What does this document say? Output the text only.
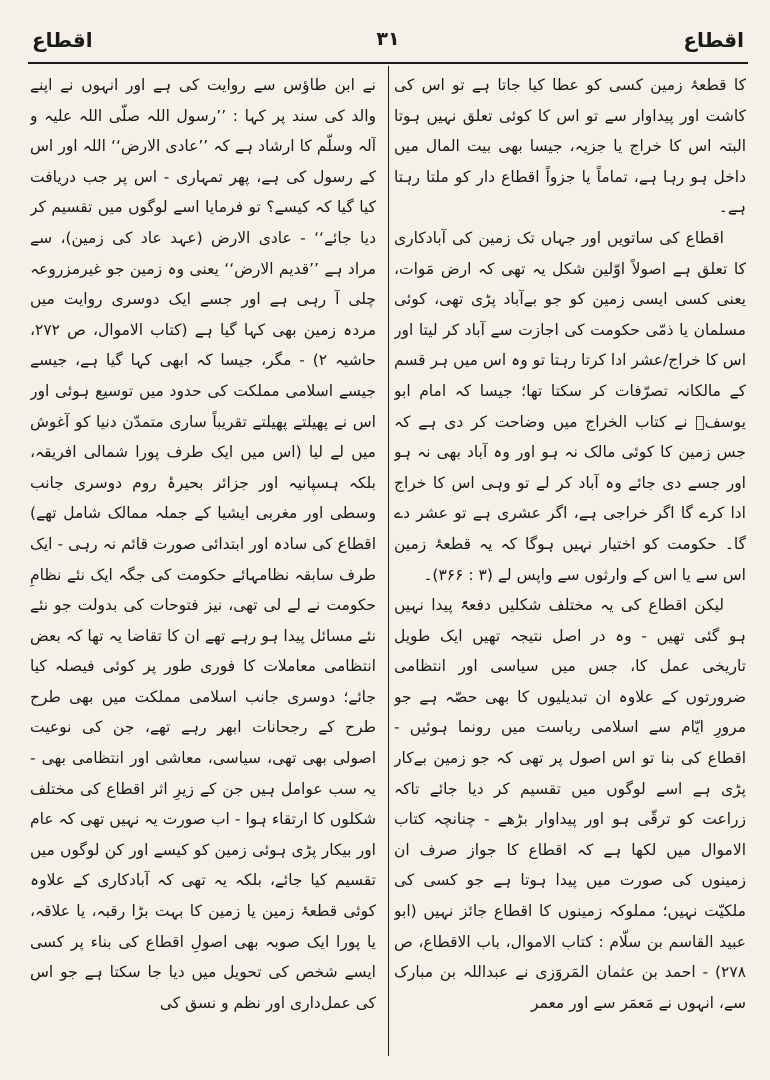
اقطاع	۳۱	اقطاع

کا قطعۂ زمین کسی کو عطا کیا جاتا ہے تو اس کی کاشت اور پیداوار سے تو اس کا کوئی تعلق نہیں ہوتا البتہ اس کا خراج یا جزیہ، جیسا بھی بیت المال میں داخل ہو رہا ہے، تماماً یا جزواً اقطاع دار کو ملتا رہتا ہے۔

اقطاع کی ساتویں اور جہاں تک زمین کی آبادکاری کا تعلق ہے اصولاً اوّلین شکل یہ تھی کہ ارض مَوات، یعنی کسی ایسی زمین کو جو بےآباد پڑی تھی، کوئی مسلمان یا ذمّی حکومت کی اجازت سے آباد کر لیتا اور اس کا خراج/عشر ادا کرتا رہتا تو وہ اس میں ہر قسم کے مالکانہ تصرّفات کر سکتا تھا؛ جیسا کہ امام ابو یوسفؒ نے کتاب الخراج میں وضاحت کر دی ہے کہ جس زمین کا کوئی مالک نہ ہو اور وہ آباد بھی نہ ہو اور جسے دی جائے وہ آباد کر لے تو وہی اس کا خراج ادا کرے گا اگر خراجی ہے، اگر عشری ہے تو عشر دے گا۔ حکومت کو اختیار نہیں ہوگا کہ یہ قطعۂ زمین اس سے یا اس کے وارثوں سے واپس لے (۳ : ۳۶۶)۔

لیکن اقطاع کی یہ مختلف شکلیں دفعۃً پیدا نہیں ہو گئی تھیں - وہ در اصل نتیجہ تھیں ایک طویل تاریخی عمل کا، جس میں سیاسی اور انتظامی ضرورتوں کے علاوہ ان تبدیلیوں کا بھی حصّہ ہے جو مرورِ ایّام سے اسلامی ریاست میں رونما ہوئیں - اقطاع کی بنا تو اس اصول پر تھی کہ جو زمین بےکار پڑی ہے اسے لوگوں میں تقسیم کر دیا جائے تاکہ زراعت کو ترقّی ہو اور پیداوار بڑھے - چنانچہ کتاب الاموال میں لکھا ہے کہ اقطاع کا جواز صرف ان زمینوں کی صورت میں پیدا ہوتا ہے جو کسی کی ملکیّت نہیں؛ مملوکہ زمینوں کا اقطاع جائز نہیں (ابو عبید القاسم بن سلّام : کتاب الاموال، باب الاقطاع، ص ۲۷۸) - احمد بن عثمان المَروَزی نے عبداللہ بن مبارک سے، انہوں نے مَعمَر سے اور معمر

نے ابن طاؤس سے روایت کی ہے اور انہوں نے اپنے والد کی سند پر کہا : ’’رسول اللہ صلّی اللہ علیہ و آلہ وسلّم کا ارشاد ہے کہ ’’عادی الارض‘‘ اللہ اور اس کے رسول کی ہے، پھر تمہاری - اس پر جب دریافت کیا گیا کہ کیسے؟ تو فرمایا اسے لوگوں میں تقسیم کر دیا جائے‘‘ - عادی الارض (عہد عاد کی زمین)، سے مراد ہے ’’قدیم الارض‘‘ یعنی وہ زمین جو غیرمزروعہ چلی آ رہی ہے اور جسے ایک دوسری روایت میں مردہ زمین بھی کہا گیا ہے (کتاب الاموال، ص ۲۷۲، حاشیہ ۲) - مگر، جیسا کہ ابھی کہا گیا ہے، جیسے جیسے اسلامی مملکت کی حدود میں توسیع ہوئی اور اس نے پھیلتے پھیلتے تقریباً ساری متمدّن دنیا کو آغوش میں لے لیا (اس میں ایک طرف پورا شمالی افریقہ، بلکہ ہسپانیہ اور جزائر بحیرۂ روم دوسری جانب وسطی اور مغربی ایشیا کے جملہ ممالک شامل تھے) اقطاع کی سادہ اور ابتدائی صورت قائم نہ رہی - ایک طرف سابقہ نظامہائے حکومت کی جگہ ایک نئے نظامِ حکومت نے لے لی تھی، نیز فتوحات کی بدولت جو نئے نئے مسائل پیدا ہو رہے تھے ان کا تقاضا یہ تھا کہ بعض انتظامی معاملات کا فوری طور پر کوئی فیصلہ کیا جائے؛ دوسری جانب اسلامی مملکت میں بھی طرح طرح کے رجحانات ابھر رہے تھے، جن کی نوعیت اصولی بھی تھی، سیاسی، معاشی اور انتظامی بھی - یہ سب عوامل ہیں جن کے زیرِ اثر اقطاع کی مختلف شکلوں کا ارتقاء ہوا - اب صورت یہ نہیں تھی کہ عام اور بیکار پڑی ہوئی زمین کو کیسے اور کن لوگوں میں تقسیم کیا جائے، بلکہ یہ تھی کہ آبادکاری کے علاوہ کوئی قطعۂ زمین یا زمین کا بہت بڑا رقبہ، یا علاقہ، یا پورا ایک صوبہ بھی اصولِ اقطاع کی بناء پر کسی ایسے شخص کی تحویل میں دیا جا سکتا ہے جو اس کی عمل‌داری اور نظم و نسق کی
